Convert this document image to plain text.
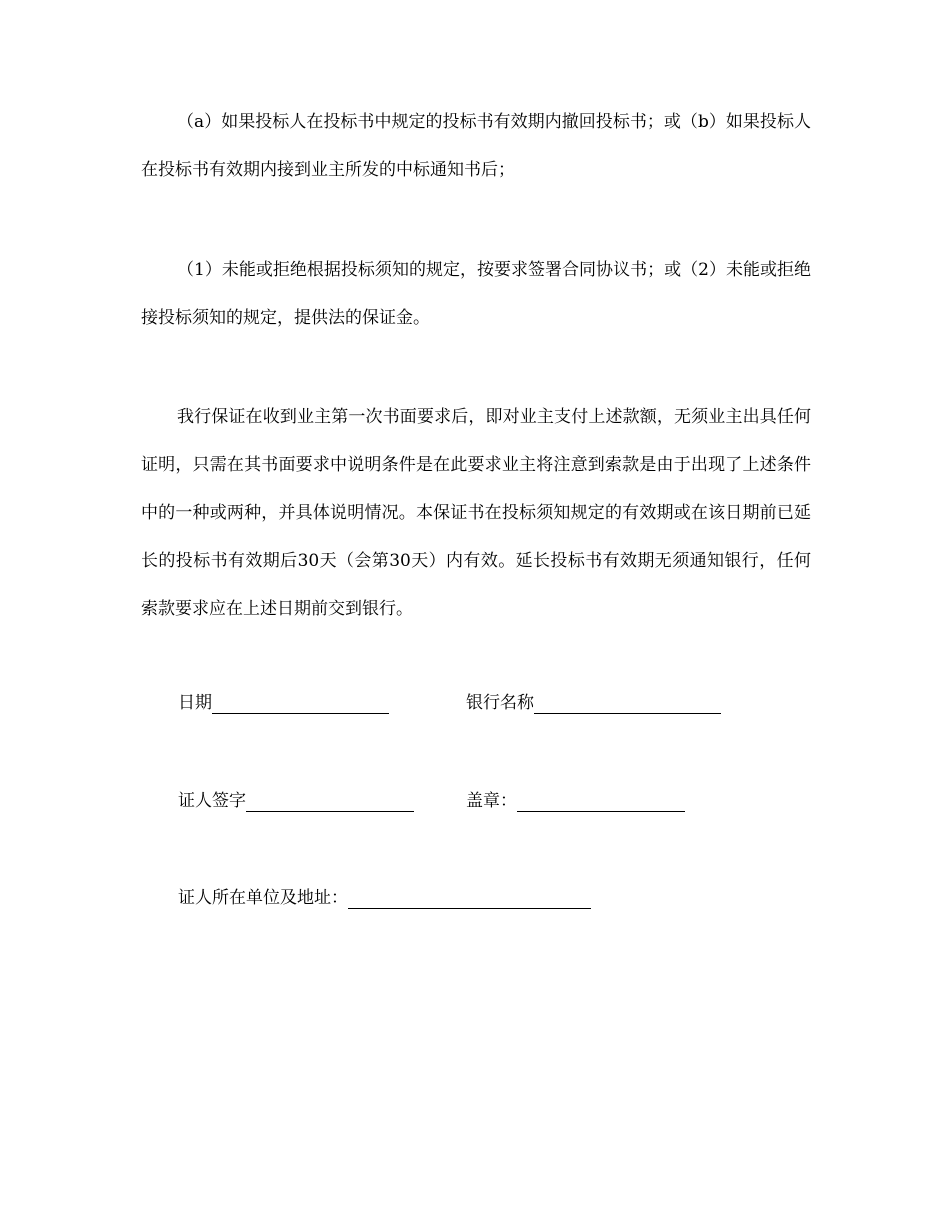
（a）如果投标人在投标书中规定的投标书有效期内撤回投标书；或（b）如果投标人在投标书有效期内接到业主所发的中标通知书后；

（1）未能或拒绝根据投标须知的规定，按要求签署合同协议书；或（2）未能或拒绝接投标须知的规定，提供法的保证金。

我行保证在收到业主第一次书面要求后，即对业主支付上述款额，无须业主出具任何证明，只需在其书面要求中说明条件是在此要求业主将注意到索款是由于出现了上述条件中的一种或两种，并具体说明情况。本保证书在投标须知规定的有效期或在该日期前已延长的投标书有效期后30天（会第30天）内有效。延长投标书有效期无须通知银行，任何索款要求应在上述日期前交到银行。

日期	银行名称
证人签字	盖章：
证人所在单位及地址：
